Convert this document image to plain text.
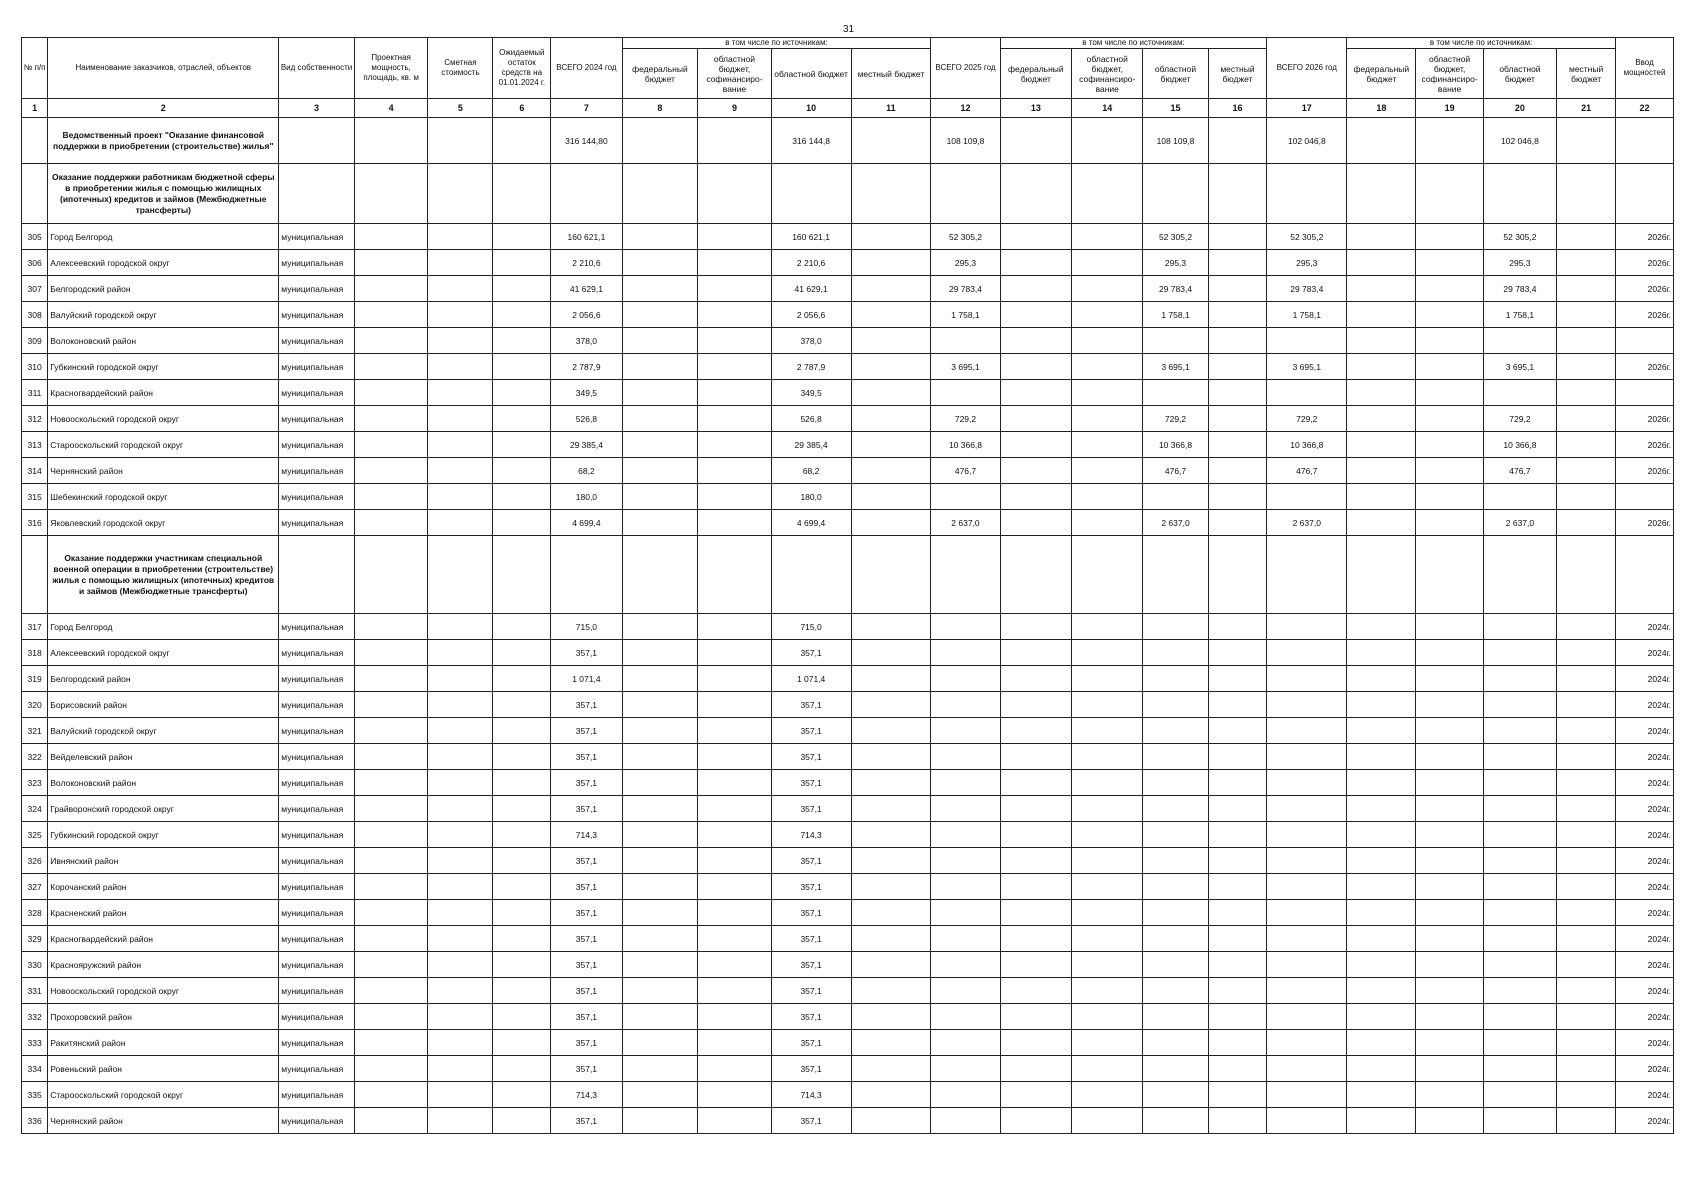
31
№ п/п	Наименование заказчиков, отраслей, объектов	Вид собственности	Проектная мощность, площадь, кв. м	Сметная стоимость	Ожидаемый остаток средств на 01.01.2024 г.	ВСЕГО 2024 год	в том числе по источникам:				ВСЕГО 2025 год	в том числе по источникам:				ВСЕГО 2026 год	в том числе по источникам:				Ввод мощностей
							федеральный бюджет	областной бюджет, софинансиро-вание	областной бюджет	местный бюджет		федеральный бюджет	областной бюджет, софинансиро-вание	областной бюджет	местный бюджет		федеральный бюджет	областной бюджет, софинансиро-вание	областной бюджет	местный бюджет	
1	2	3	4	5	6	7	8	9	10	11	12	13	14	15	16	17	18	19	20	21	22
	Ведомственный проект "Оказание финансовой поддержки в приобретении (строительстве) жилья"					316 144,80			316 144,8		108 109,8			108 109,8		102 046,8			102 046,8		
	Оказание поддержки работникам бюджетной сферы в приобретении жилья с помощью жилищных (ипотечных) кредитов и займов (Межбюджетные трансферты)																				
305	Город Белгород	муниципальная				160 621,1			160 621,1		52 305,2			52 305,2		52 305,2			52 305,2		2026г.
306	Алексеевский городской округ	муниципальная				2 210,6			2 210,6		295,3			295,3		295,3			295,3		2026г.
307	Белгородский район	муниципальная				41 629,1			41 629,1		29 783,4			29 783,4		29 783,4			29 783,4		2026г.
308	Валуйский городской округ	муниципальная				2 056,6			2 056,6		1 758,1			1 758,1		1 758,1			1 758,1		2026г.
309	Волоконовский район	муниципальная				378,0			378,0												
310	Губкинский городской округ	муниципальная				2 787,9			2 787,9		3 695,1			3 695,1		3 695,1			3 695,1		2026г.
311	Красногвардейский район	муниципальная				349,5			349,5												
312	Новооскольский городской округ	муниципальная				526,8			526,8		729,2			729,2		729,2			729,2		2026г.
313	Старооскольский городской округ	муниципальная				29 385,4			29 385,4		10 366,8			10 366,8		10 366,8			10 366,8		2026г.
314	Чернянский район	муниципальная				68,2			68,2		476,7			476,7		476,7			476,7		2026г.
315	Шебекинский городской округ	муниципальная				180,0			180,0												
316	Яковлевский городской округ	муниципальная				4 699,4			4 699,4		2 637,0			2 637,0		2 637,0			2 637,0		2026г.
	Оказание поддержки участникам специальной военной операции в приобретении (строительстве) жилья с помощью жилищных (ипотечных) кредитов и займов (Межбюджетные трансферты)																				
317	Город Белгород	муниципальная				715,0			715,0												2024г.
318	Алексеевский городской округ	муниципальная				357,1			357,1												2024г.
319	Белгородский район	муниципальная				1 071,4			1 071,4												2024г.
320	Борисовский район	муниципальная				357,1			357,1												2024г.
321	Валуйский городской округ	муниципальная				357,1			357,1												2024г.
322	Вейделевский район	муниципальная				357,1			357,1												2024г.
323	Волоконовский район	муниципальная				357,1			357,1												2024г.
324	Грайворонский городской округ	муниципальная				357,1			357,1												2024г.
325	Губкинский городской округ	муниципальная				714,3			714,3												2024г.
326	Ивнянский район	муниципальная				357,1			357,1												2024г.
327	Корочанский район	муниципальная				357,1			357,1												2024г.
328	Красненский район	муниципальная				357,1			357,1												2024г.
329	Красногвардейский район	муниципальная				357,1			357,1												2024г.
330	Краснояружский район	муниципальная				357,1			357,1												2024г.
331	Новооскольский городской округ	муниципальная				357,1			357,1												2024г.
332	Прохоровский район	муниципальная				357,1			357,1												2024г.
333	Ракитянский район	муниципальная				357,1			357,1												2024г.
334	Ровеньский район	муниципальная				357,1			357,1												2024г.
335	Старооскольский городской округ	муниципальная				714,3			714,3												2024г.
336	Чернянский район	муниципальная				357,1			357,1												2024г.
